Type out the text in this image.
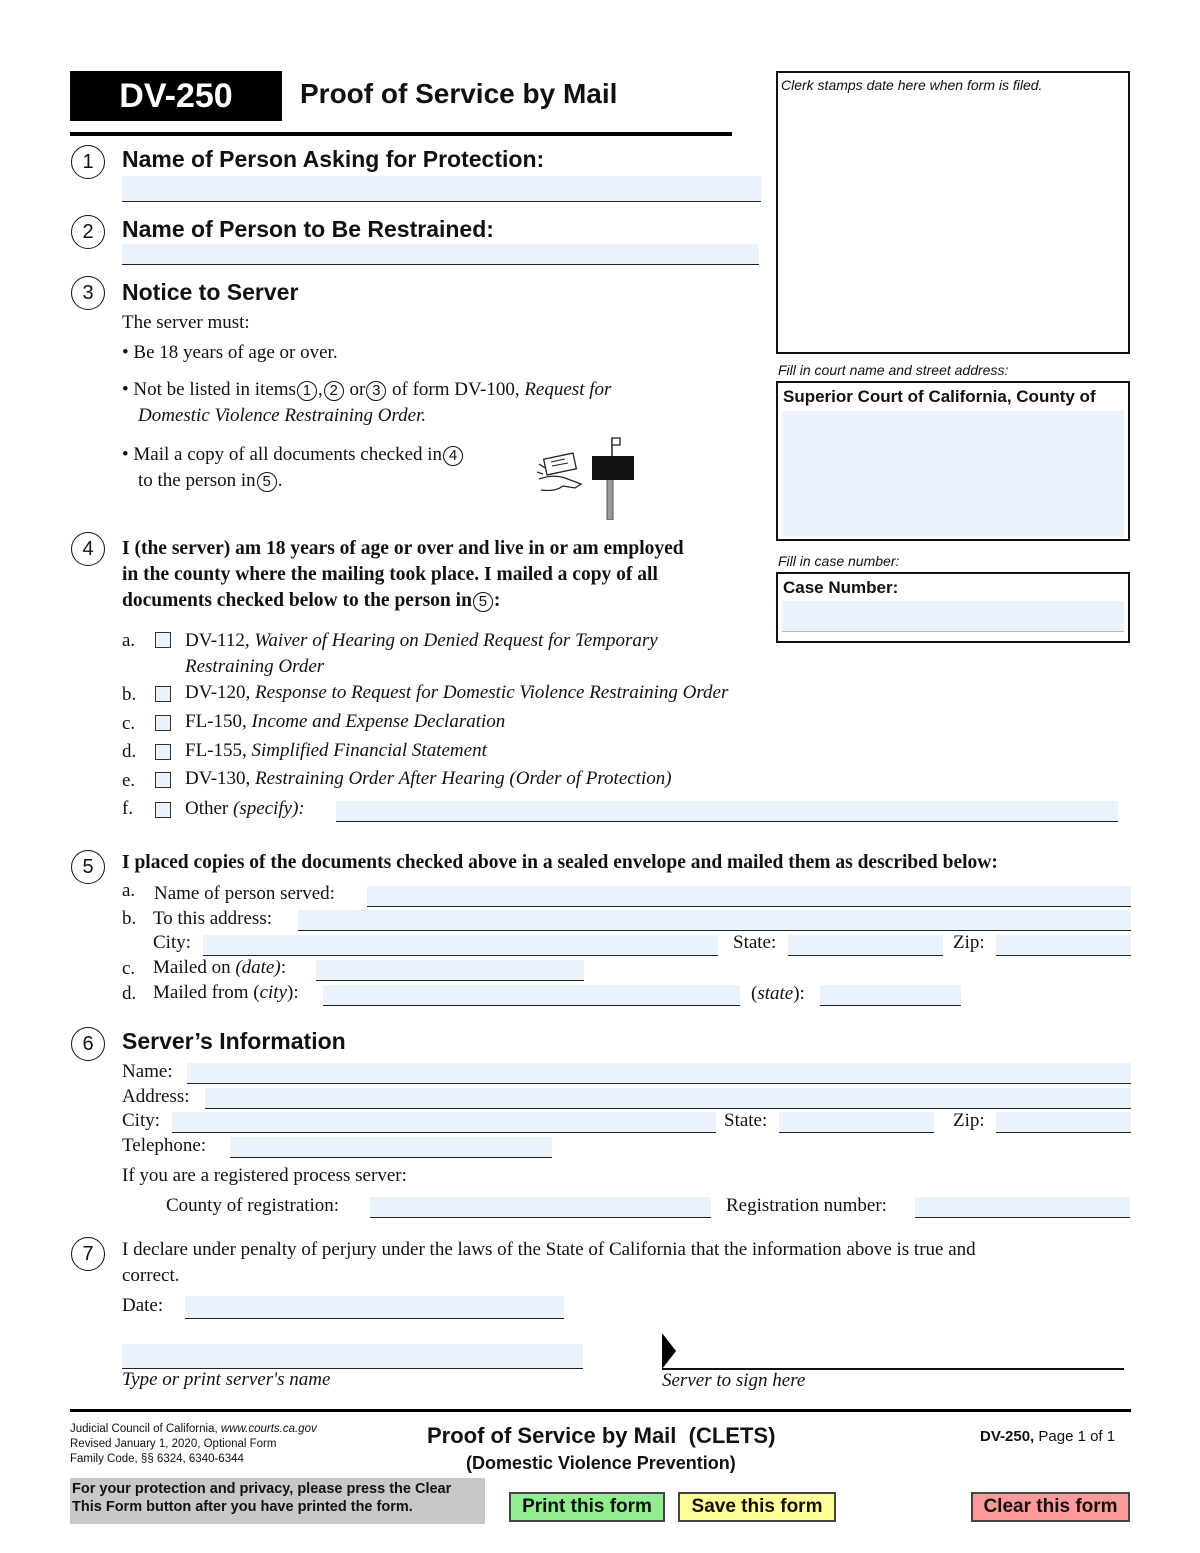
DV-250 Proof of Service by Mail	Clerk stamps date here when form is filed.
Fill in court name and street address:
Superior Court of California, County of
Fill in case number:
Case Number:
1	Name of Person Asking for Protection:
2	Name of Person to Be Restrained:
3	Notice to Server
The server must:
• Be 18 years of age or over.
• Not be listed in items 1 , 2 or 3 of form DV-100, Request for
Domestic Violence Restraining Order.
• Mail a copy of all documents checked in 4
to the person in 5 .
4	I (the server) am 18 years of age or over and live in or am employed
in the county where the mailing took place. I mailed a copy of all
documents checked below to the person in 5 :
a.	DV-112, Waiver of Hearing on Denied Request for Temporary
Restraining Order
b.	DV-120, Response to Request for Domestic Violence Restraining Order
c.	FL-150, Income and Expense Declaration
d.	FL-155, Simplified Financial Statement
e.	DV-130, Restraining Order After Hearing (Order of Protection)
f.	Other (specify):
5	I placed copies of the documents checked above in a sealed envelope and mailed them as described below:
a. Name of person served:
b. To this address:
City:	State:	Zip:
c. Mailed on (date):
d. Mailed from (city):	(state):
6	Server’s Information
Name:
Address:
City:	State:	Zip:
Telephone:
If you are a registered process server:
County of registration:	Registration number:
7	I declare under penalty of perjury under the laws of the State of California that the information above is true and
correct.
Date:
Type or print server's name	Server to sign here
Judicial Council of California, www.courts.ca.gov
Revised January 1, 2020, Optional Form
Family Code, §§ 6324, 6340-6344
Proof of Service by Mail  (CLETS)
(Domestic Violence Prevention)
DV-250, Page 1 of 1
For your protection and privacy, please press the Clear
This Form button after you have printed the form.	Print this form	Save this form	Clear this form
